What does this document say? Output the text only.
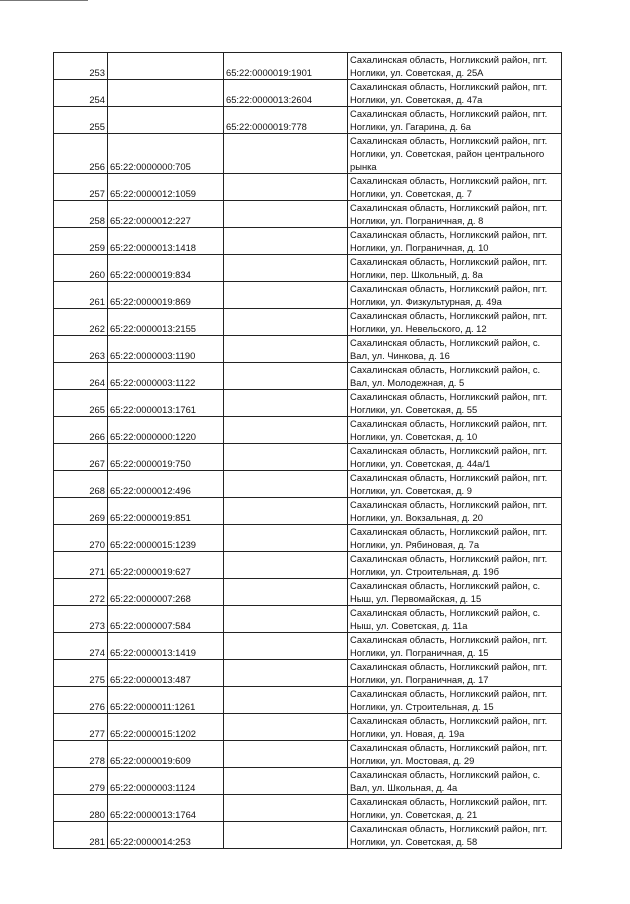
253		65:22:0000019:1901	Сахалинская область, Ногликский район, пгт.
Ноглики, ул. Советская, д. 25А

254		65:22:0000013:2604	Сахалинская область, Ногликский район, пгт.
Ноглики, ул. Советская, д. 47а

255		65:22:0000019:778	Сахалинская область, Ногликский район, пгт.
Ноглики, ул. Гагарина, д. 6а

256	65:22:0000000:705		Сахалинская область, Ногликский район, пгт.
Ноглики, ул. Советская, район центрального
рынка

257	65:22:0000012:1059		Сахалинская область, Ногликский район, пгт.
Ноглики, ул. Советская, д. 7

258	65:22:0000012:227		Сахалинская область, Ногликский район, пгт.
Ноглики, ул. Пограничная, д. 8

259	65:22:0000013:1418		Сахалинская область, Ногликский район, пгт.
Ноглики, ул. Пограничная, д. 10

260	65:22:0000019:834		Сахалинская область, Ногликский район, пгт.
Ноглики, пер. Школьный, д. 8а

261	65:22:0000019:869		Сахалинская область, Ногликский район, пгт.
Ноглики, ул. Физкультурная, д. 49а

262	65:22:0000013:2155		Сахалинская область, Ногликский район, пгт.
Ноглики, ул. Невельского, д. 12

263	65:22:0000003:1190		Сахалинская область, Ногликский район, с.
Вал, ул. Чинкова, д. 16

264	65:22:0000003:1122		Сахалинская область, Ногликский район, с.
Вал, ул. Молодежная, д. 5

265	65:22:0000013:1761		Сахалинская область, Ногликский район, пгт.
Ноглики, ул. Советская, д. 55

266	65:22:0000000:1220		Сахалинская область, Ногликский район, пгт.
Ноглики, ул. Советская, д. 10

267	65:22:0000019:750		Сахалинская область, Ногликский район, пгт.
Ноглики, ул. Советская, д. 44а/1

268	65:22:0000012:496		Сахалинская область, Ногликский район, пгт.
Ноглики, ул. Советская, д. 9

269	65:22:0000019:851		Сахалинская область, Ногликский район, пгт.
Ноглики, ул. Вокзальная, д. 20

270	65:22:0000015:1239		Сахалинская область, Ногликский район, пгт.
Ноглики, ул. Рябиновая, д. 7а

271	65:22:0000019:627		Сахалинская область, Ногликский район, пгт.
Ноглики, ул. Строительная, д. 19б

272	65:22:0000007:268		Сахалинская область, Ногликский район, с.
Ныш, ул. Первомайская, д. 15

273	65:22:0000007:584		Сахалинская область, Ногликский район, с.
Ныш, ул. Советская, д. 11а

274	65:22:0000013:1419		Сахалинская область, Ногликский район, пгт.
Ноглики, ул. Пограничная, д. 15

275	65:22:0000013:487		Сахалинская область, Ногликский район, пгт.
Ноглики, ул. Пограничная, д. 17

276	65:22:0000011:1261		Сахалинская область, Ногликский район, пгт.
Ноглики, ул. Строительная, д. 15

277	65:22:0000015:1202		Сахалинская область, Ногликский район, пгт.
Ноглики, ул. Новая, д. 19а

278	65:22:0000019:609		Сахалинская область, Ногликский район, пгт.
Ноглики, ул. Мостовая, д. 29

279	65:22:0000003:1124		Сахалинская область, Ногликский район, с.
Вал, ул. Школьная, д. 4а

280	65:22:0000013:1764		Сахалинская область, Ногликский район, пгт.
Ноглики, ул. Советская, д. 21

281	65:22:0000014:253		Сахалинская область, Ногликский район, пгт.
Ноглики, ул. Советская, д. 58
